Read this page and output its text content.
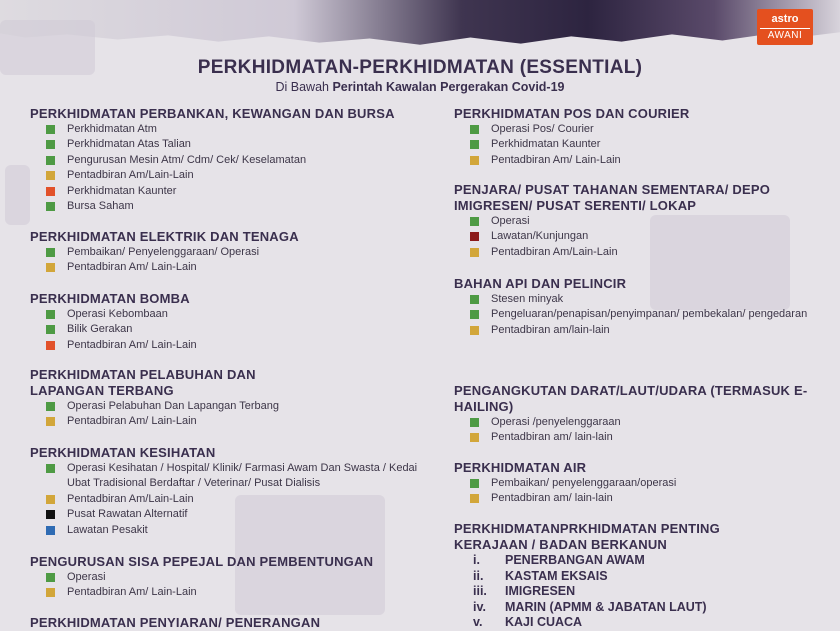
astro
AWANI
PERKHIDMATAN-PERKHIDMATAN (ESSENTIAL)
Di Bawah Perintah Kawalan Pergerakan Covid-19
PERKHIDMATAN PERBANKAN, KEWANGAN DAN BURSA
Perkhidmatan Atm
Perkhidmatan Atas Talian
Pengurusan Mesin Atm/ Cdm/ Cek/ Keselamatan
Pentadbiran Am/Lain-Lain
Perkhidmatan Kaunter
Bursa Saham
PERKHIDMATAN ELEKTRIK DAN TENAGA
Pembaikan/ Penyelenggaraan/ Operasi
Pentadbiran Am/ Lain-Lain
PERKHIDMATAN BOMBA
Operasi Kebombaan
Bilik Gerakan
Pentadbiran Am/ Lain-Lain
PERKHIDMATAN PELABUHAN DAN LAPANGAN TERBANG
Operasi Pelabuhan Dan Lapangan Terbang
Pentadbiran Am/ Lain-Lain
PERKHIDMATAN KESIHATAN
Operasi Kesihatan / Hospital/ Klinik/ Farmasi Awam Dan Swasta / Kedai Ubat Tradisional Berdaftar / Veterinar/ Pusat Dialisis
Pentadbiran Am/Lain-Lain
Pusat Rawatan Alternatif
Lawatan Pesakit
PENGURUSAN SISA PEPEJAL DAN PEMBENTUNGAN
Operasi
Pentadbiran Am/ Lain-Lain
PERKHIDMATAN PENYIARAN/ PENERANGAN
PERKHIDMATAN POS DAN COURIER
Operasi Pos/ Courier
Perkhidmatan Kaunter
Pentadbiran Am/ Lain-Lain
PENJARA/ PUSAT TAHANAN SEMENTARA/ DEPO IMIGRESEN/ PUSAT SERENTI/ LOKAP
Operasi
Lawatan/Kunjungan
Pentadbiran Am/Lain-Lain
BAHAN API DAN PELINCIR
Stesen minyak
Pengeluaran/penapisan/penyimpanan/ pembekalan/ pengedaran
Pentadbiran am/lain-lain
PENGANGKUTAN DARAT/LAUT/UDARA (TERMASUK E-HAILING)
Operasi /penyelenggaraan
Pentadbiran am/ lain-lain
PERKHIDMATAN AIR
Pembaikan/ penyelenggaraan/operasi
Pentadbiran am/ lain-lain
PERKHIDMATANPRKHIDMATAN PENTING KERAJAAN / BADAN BERKANUN
i.	PENERBANGAN AWAM
ii.	KASTAM EKSAIS
iii.	IMIGRESEN
iv.	MARIN (APMM & JABATAN LAUT)
v.	KAJI CUACA
